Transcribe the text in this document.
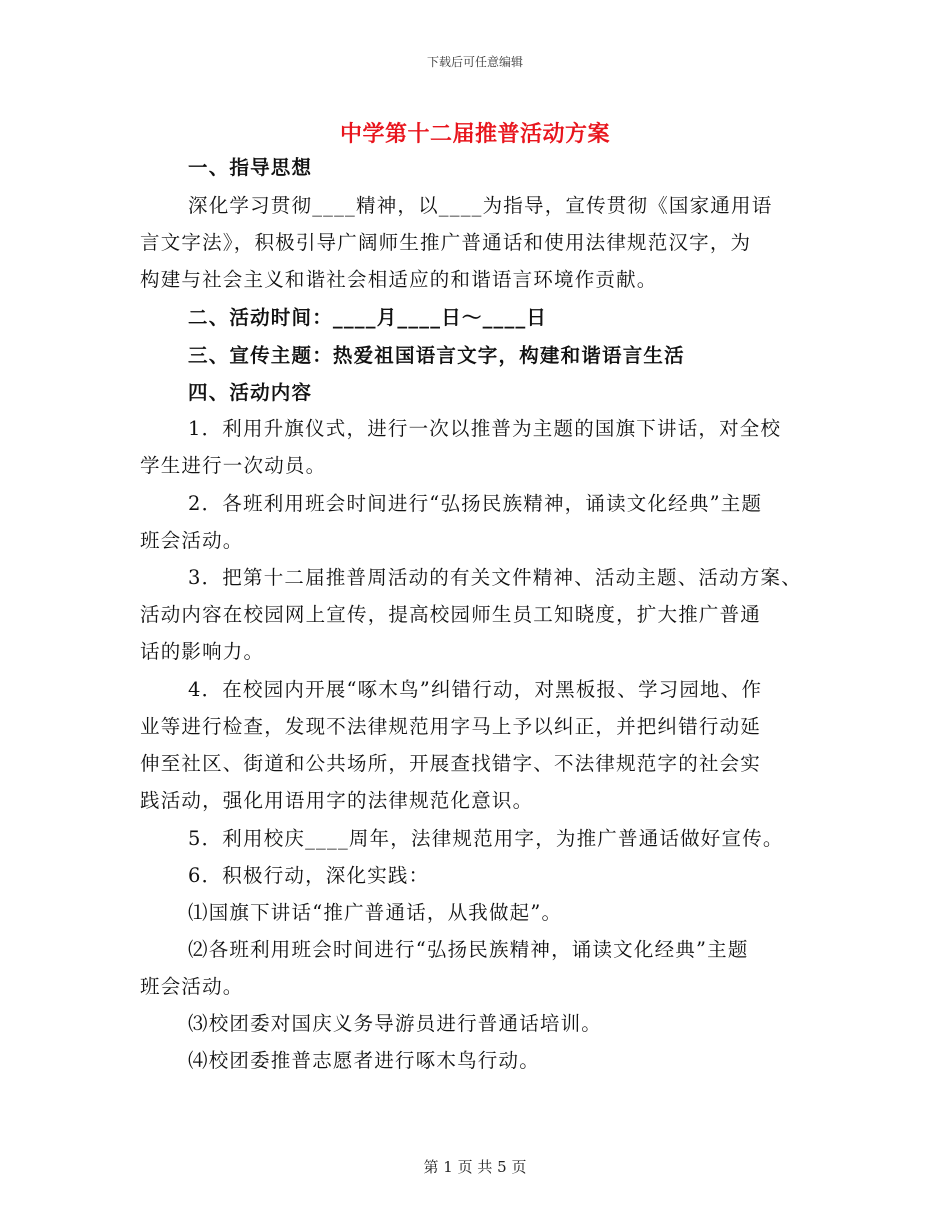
下载后可任意编辑
中学第十二届推普活动方案
一、指导思想
深化学习贯彻____精神，以____为指导，宣传贯彻《国家通用语
言文字法》，积极引导广阔师生推广普通话和使用法律规范汉字，为
构建与社会主义和谐社会相适应的和谐语言环境作贡献。
二、活动时间：____月____日～____日
三、宣传主题：热爱祖国语言文字，构建和谐语言生活
四、活动内容
1．利用升旗仪式，进行一次以推普为主题的国旗下讲话，对全校
学生进行一次动员。
2．各班利用班会时间进行“弘扬民族精神，诵读文化经典”主题
班会活动。
3．把第十二届推普周活动的有关文件精神、活动主题、活动方案、
活动内容在校园网上宣传，提高校园师生员工知晓度，扩大推广普通
话的影响力。
4．在校园内开展“啄木鸟”纠错行动，对黑板报、学习园地、作
业等进行检查，发现不法律规范用字马上予以纠正，并把纠错行动延
伸至社区、街道和公共场所，开展查找错字、不法律规范字的社会实
践活动，强化用语用字的法律规范化意识。
5．利用校庆____周年，法律规范用字，为推广普通话做好宣传。
6．积极行动，深化实践：
⑴国旗下讲话“推广普通话，从我做起”。
⑵各班利用班会时间进行“弘扬民族精神，诵读文化经典”主题
班会活动。
⑶校团委对国庆义务导游员进行普通话培训。
⑷校团委推普志愿者进行啄木鸟行动。
第 1 页 共 5 页
